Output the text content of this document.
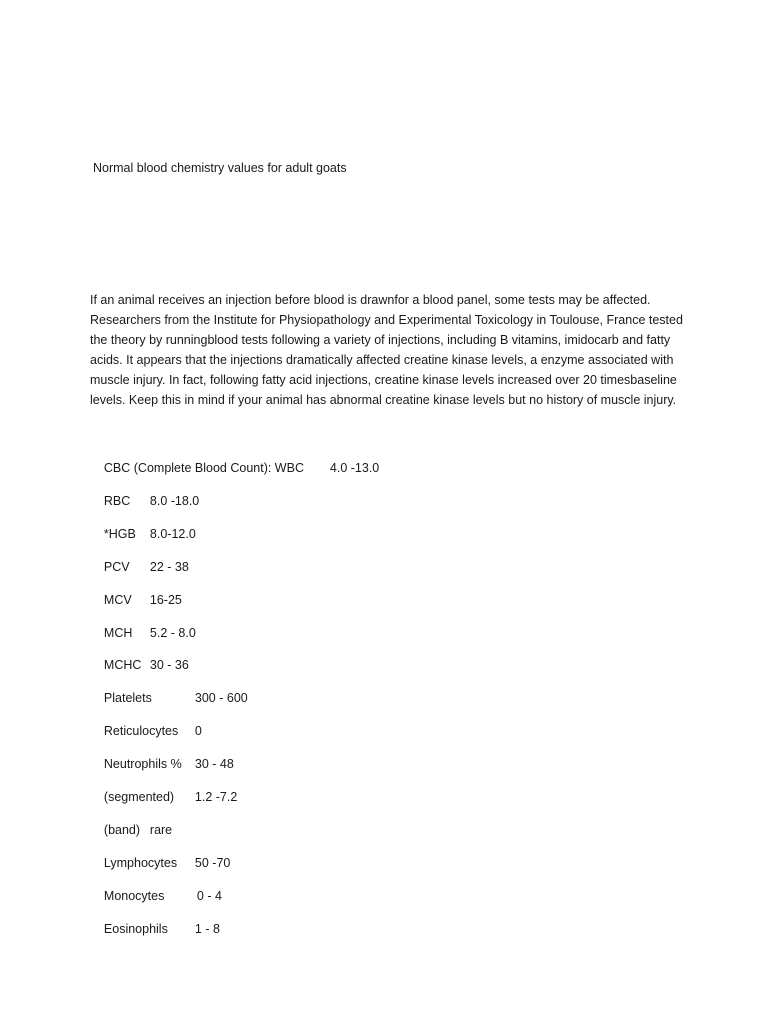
Normal blood chemistry values for adult goats

If an animal receives an injection before blood is drawnfor a blood panel, some tests may be affected. Researchers from the Institute for Physiopathology and Experimental Toxicology in Toulouse, France tested the theory by runningblood tests following a variety of injections, including B vitamins, imidocarb and fatty acids. It appears that the injections dramatically affected creatine kinase levels, a enzyme associated with muscle injury. In fact, following fatty acid injections, creatine kinase levels increased over 20 timesbaseline levels. Keep this in mind if your animal has abnormal creatine kinase levels but no history of muscle injury.

CBC (Complete Blood Count): WBC 4.0 -13.0

RBC 8.0 -18.0

*HGB 8.0-12.0

PCV 22 - 38

MCV 16-25

MCH 5.2 - 8.0

MCHC 30 - 36

Platelets	300 - 600

Reticulocytes 0

Neutrophils % 30 - 48

(segmented) 1.2 -7.2

(band) rare

Lymphocytes 50 -70

Monocytes	0 - 4

Eosinophils 1 - 8
